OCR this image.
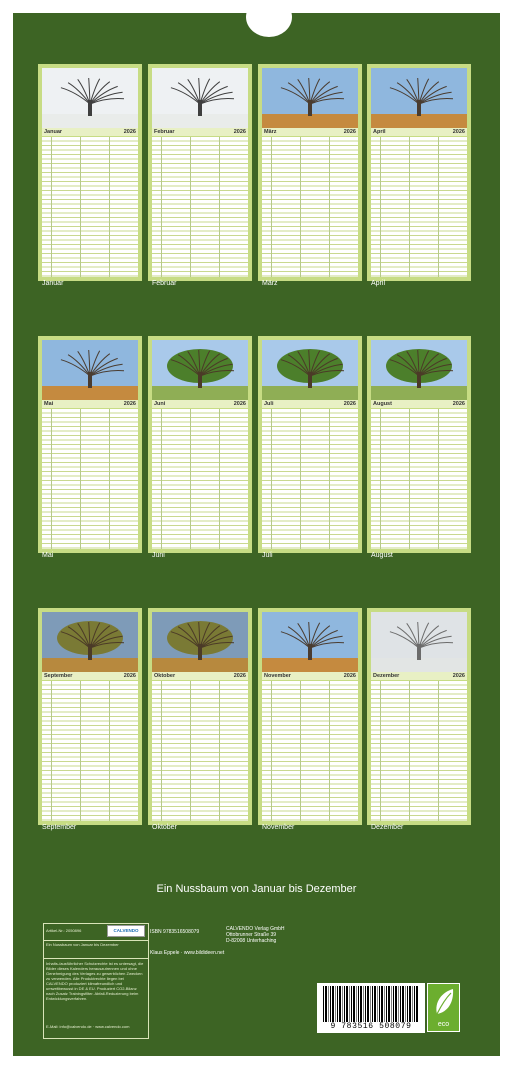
Januar	2026
Januar
Februar	2026
Februar
März	2026
März
April	2026
April
Mai	2026
Mai
Juni	2026
Juni
Juli	2026
Juli
August	2026
August
September	2026
September
Oktober	2026
Oktober
November	2026
November
Dezember	2026
Dezember
Ein Nussbaum von Januar bis Dezember
Artikel-Nr.: 2050896
Ein Nussbaum von Januar bis Dezember
Inhalts-/ausführlicher Schutzrechte ist es untersagt, die Bilder dieses Kalenders herauszutrennen und ohne Genehmigung des Verlages zu gewerblichen Zwecken zu verwenden. Alle Produktrechte liegen bei CALVENDO produziert klimafreundlich und umweltbewusst in DE & EU. Produziert CO2-Bilanz nach Zusatz Trainingsfilter. Abfall-Reduzierung beim Entwicklungsverfahren.
E-Mail: info@calvendo.de · www.calvendo.com
CALVENDO	ISBN 9783516508079	CALVENDO Verlag GmbH
Ottobrunner Straße 39
D-82008 Unterhaching
Klaus Eppele · www.bildideen.net
9 783516 508079	eco
